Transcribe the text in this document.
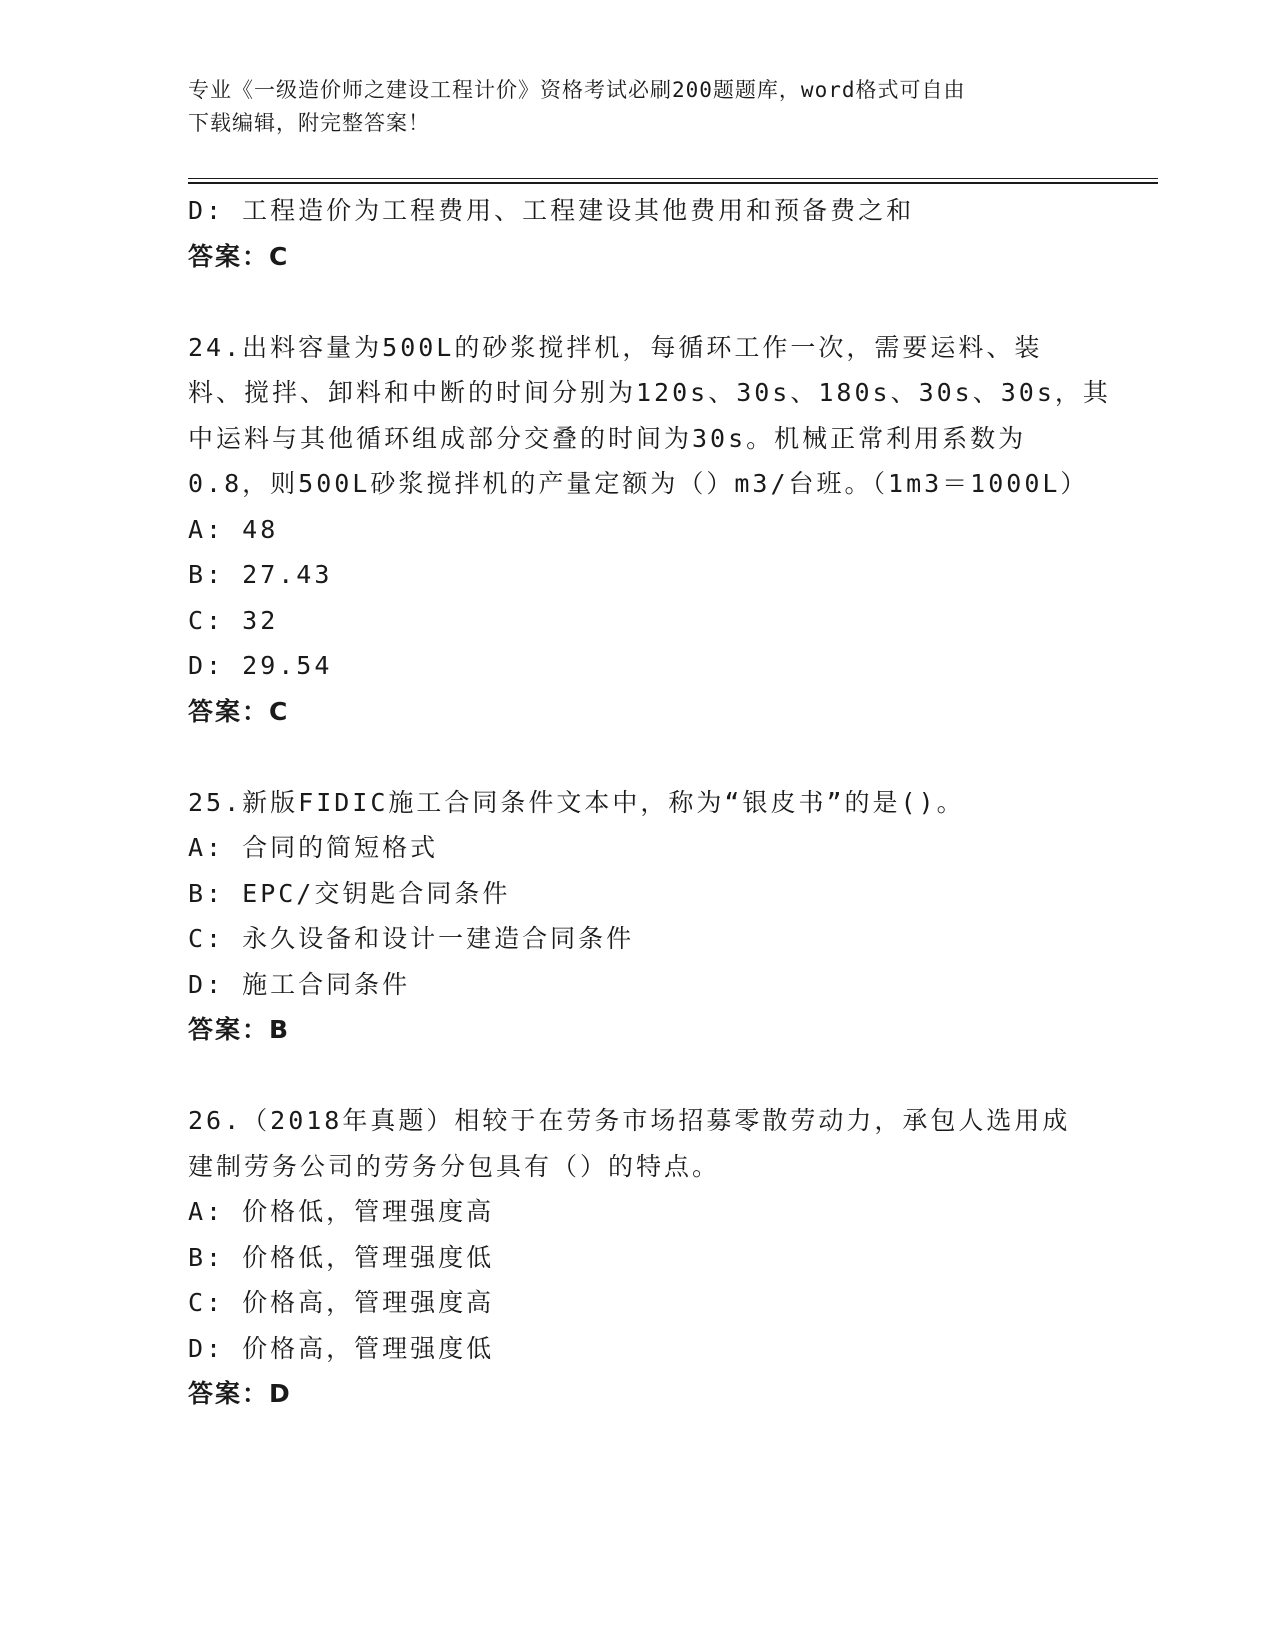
专业《一级造价师之建设工程计价》资格考试必刷200题题库，word格式可自由
下载编辑，附完整答案！
D: 工程造价为工程费用、工程建设其他费用和预备费之和
答案：C
24.出料容量为500L的砂浆搅拌机，每循环工作一次，需要运料、装
料、搅拌、卸料和中断的时间分别为120s、30s、180s、30s、30s，其
中运料与其他循环组成部分交叠的时间为30s。机械正常利用系数为
0.8，则500L砂浆搅拌机的产量定额为（）m3/台班。（1m3＝1000L）
A: 48
B: 27.43
C: 32
D: 29.54
答案：C
25.新版FIDIC施工合同条件文本中，称为“银皮书”的是()。
A: 合同的简短格式
B: EPC/交钥匙合同条件
C: 永久设备和设计一建造合同条件
D: 施工合同条件
答案：B
26.（2018年真题）相较于在劳务市场招募零散劳动力，承包人选用成
建制劳务公司的劳务分包具有（）的特点。
A: 价格低，管理强度高
B: 价格低，管理强度低
C: 价格高，管理强度高
D: 价格高，管理强度低
答案：D
